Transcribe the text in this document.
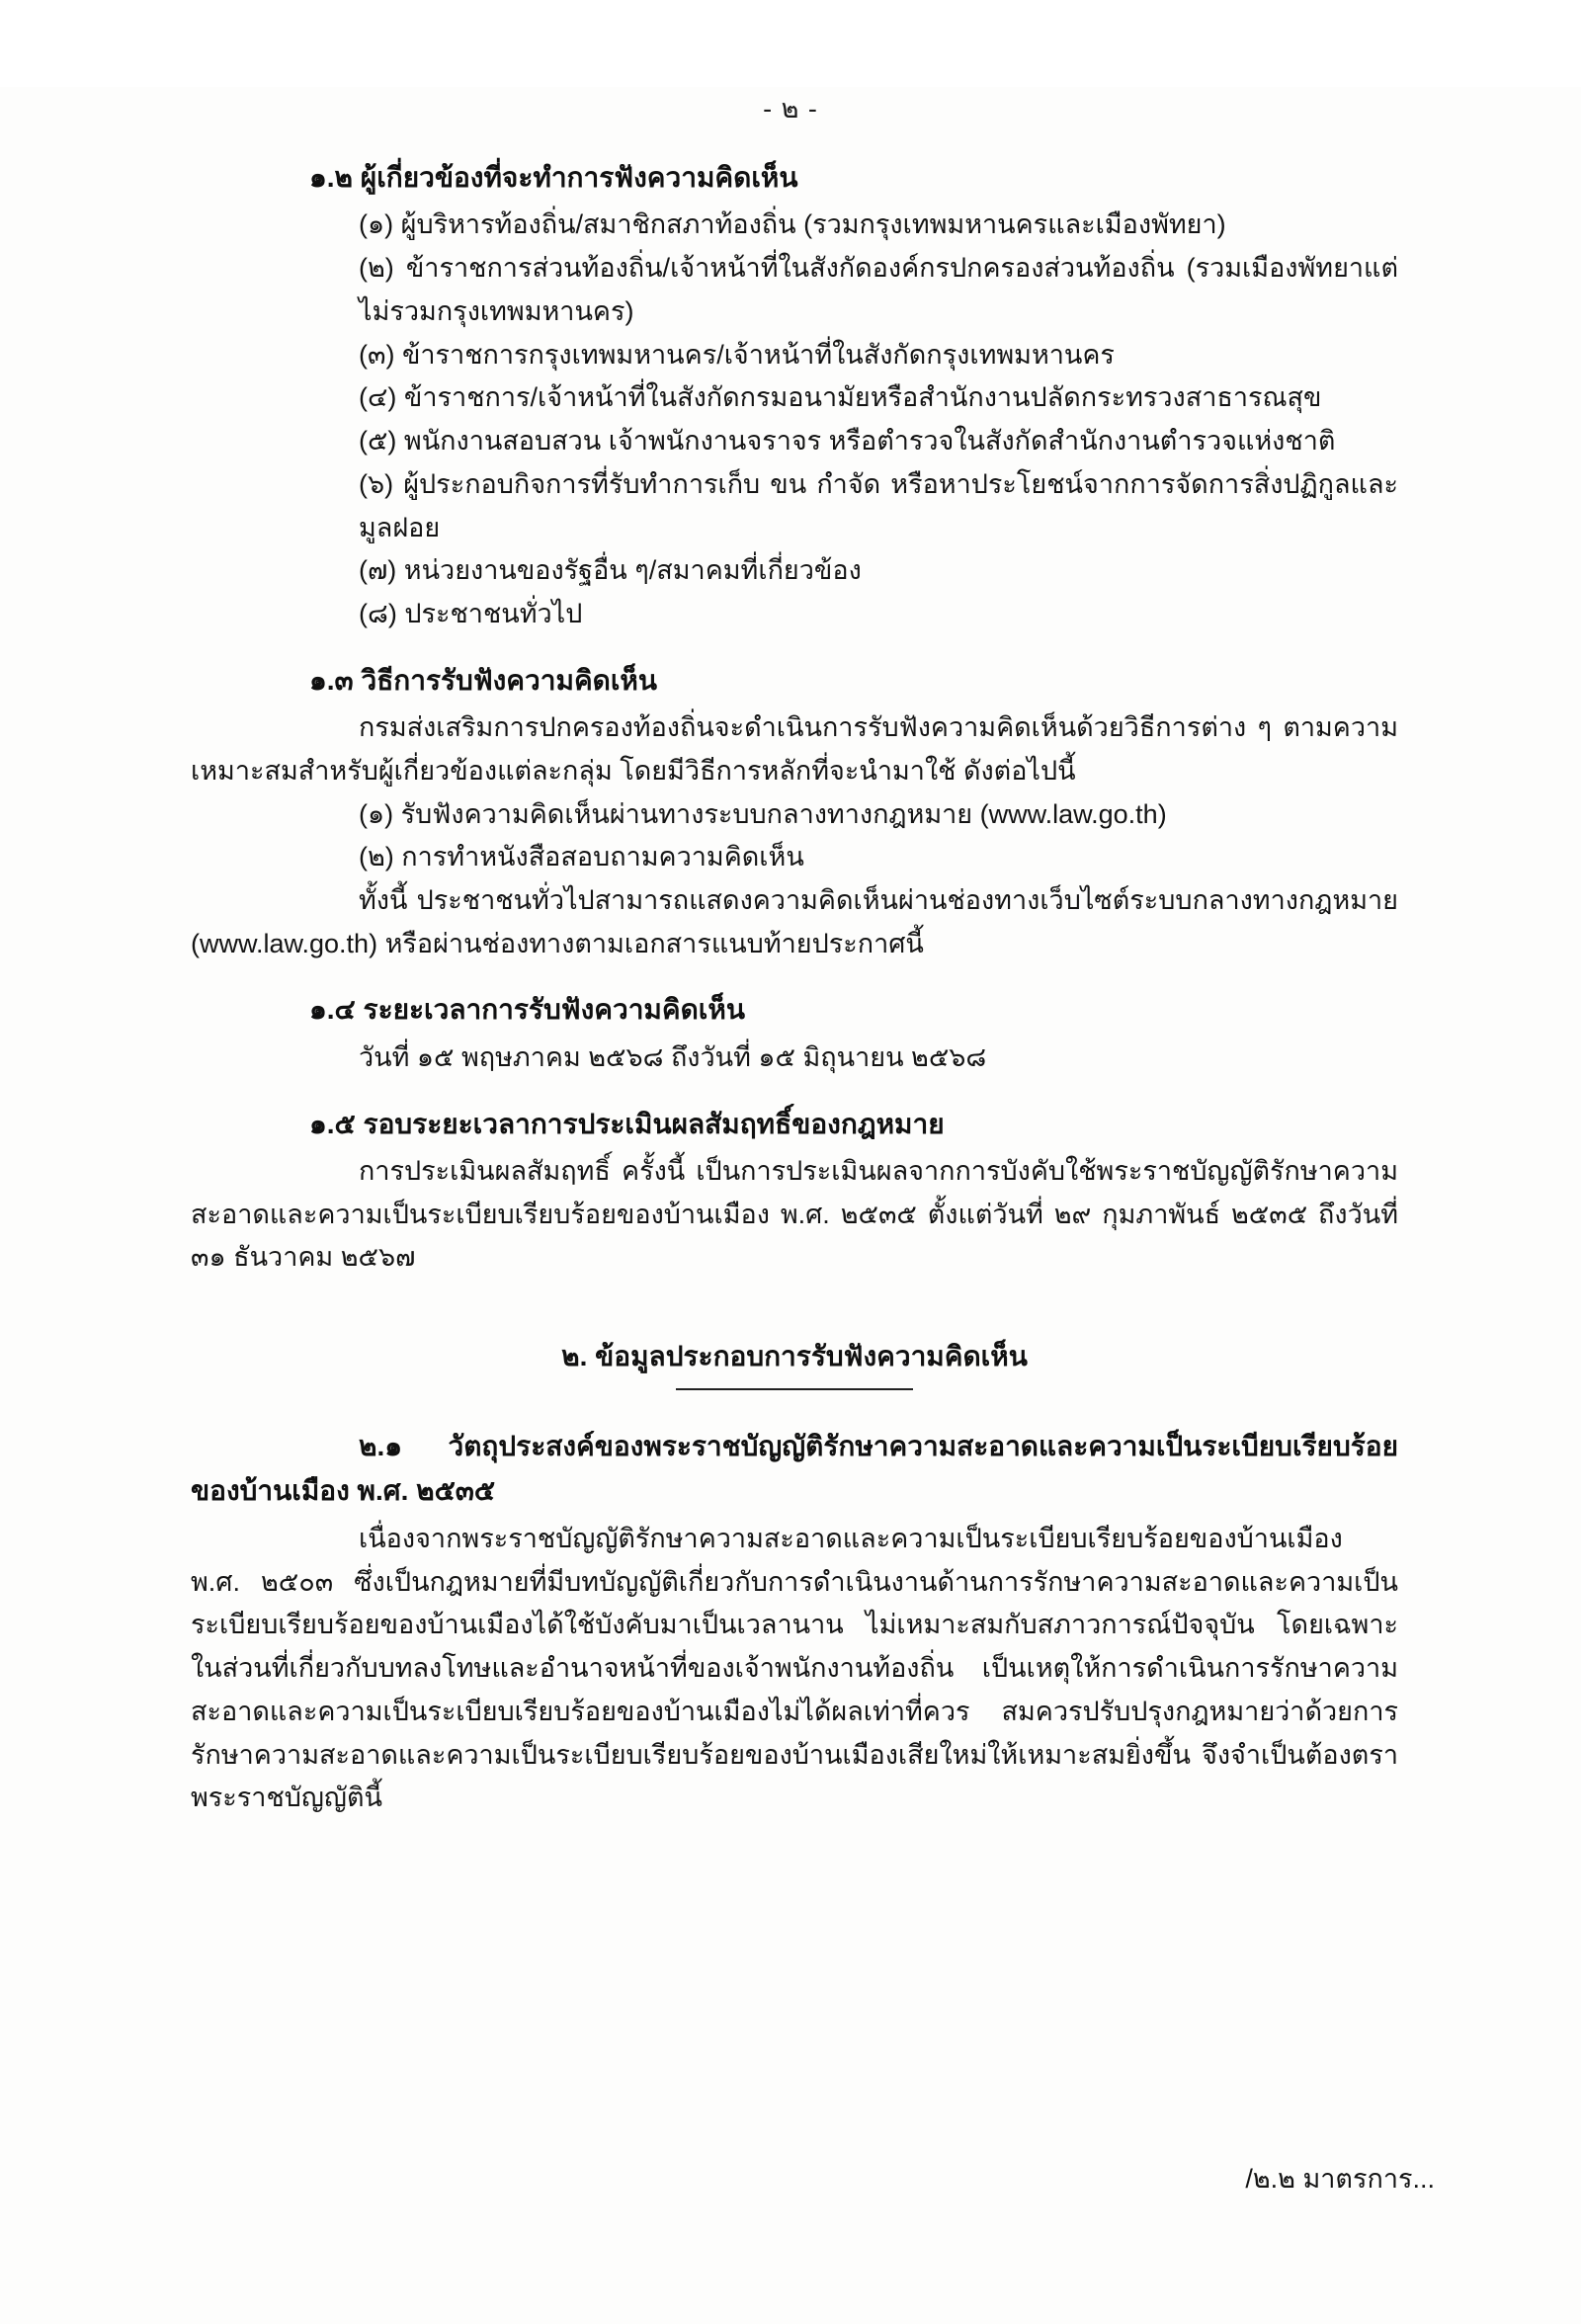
- ๒ -
๑.๒ ผู้เกี่ยวข้องที่จะทำการฟังความคิดเห็น

(๑) ผู้บริหารท้องถิ่น/สมาชิกสภาท้องถิ่น (รวมกรุงเทพมหานครและเมืองพัทยา)

(๒) ข้าราชการส่วนท้องถิ่น/เจ้าหน้าที่ในสังกัดองค์กรปกครองส่วนท้องถิ่น (รวมเมืองพัทยาแต่ไม่รวมกรุงเทพมหานคร)

(๓) ข้าราชการกรุงเทพมหานคร/เจ้าหน้าที่ในสังกัดกรุงเทพมหานคร

(๔) ข้าราชการ/เจ้าหน้าที่ในสังกัดกรมอนามัยหรือสำนักงานปลัดกระทรวงสาธารณสุข

(๕) พนักงานสอบสวน เจ้าพนักงานจราจร หรือตำรวจในสังกัดสำนักงานตำรวจแห่งชาติ

(๖) ผู้ประกอบกิจการที่รับทำการเก็บ ขน กำจัด หรือหาประโยชน์จากการจัดการสิ่งปฏิกูลและมูลฝอย

(๗) หน่วยงานของรัฐอื่น ๆ/สมาคมที่เกี่ยวข้อง

(๘) ประชาชนทั่วไป

๑.๓ วิธีการรับฟังความคิดเห็น

กรมส่งเสริมการปกครองท้องถิ่นจะดำเนินการรับฟังความคิดเห็นด้วยวิธีการต่าง ๆ ตามความเหมาะสมสำหรับผู้เกี่ยวข้องแต่ละกลุ่ม โดยมีวิธีการหลักที่จะนำมาใช้ ดังต่อไปนี้

(๑) รับฟังความคิดเห็นผ่านทางระบบกลางทางกฎหมาย (www.law.go.th)

(๒) การทำหนังสือสอบถามความคิดเห็น

ทั้งนี้ ประชาชนทั่วไปสามารถแสดงความคิดเห็นผ่านช่องทางเว็บไซต์ระบบกลางทางกฎหมาย (www.law.go.th) หรือผ่านช่องทางตามเอกสารแนบท้ายประกาศนี้

๑.๔ ระยะเวลาการรับฟังความคิดเห็น

วันที่ ๑๕ พฤษภาคม ๒๕๖๘ ถึงวันที่ ๑๕ มิถุนายน ๒๕๖๘

๑.๕ รอบระยะเวลาการประเมินผลสัมฤทธิ์ของกฎหมาย

การประเมินผลสัมฤทธิ์ ครั้งนี้ เป็นการประเมินผลจากการบังคับใช้พระราชบัญญัติรักษาความสะอาดและความเป็นระเบียบเรียบร้อยของบ้านเมือง พ.ศ. ๒๕๓๕ ตั้งแต่วันที่ ๒๙ กุมภาพันธ์ ๒๕๓๕ ถึงวันที่ ๓๑ ธันวาคม ๒๕๖๗

๒. ข้อมูลประกอบการรับฟังความคิดเห็น
๒.๑ วัตถุประสงค์ของพระราชบัญญัติรักษาความสะอาดและความเป็นระเบียบเรียบร้อยของบ้านเมือง พ.ศ. ๒๕๓๕

เนื่องจากพระราชบัญญัติรักษาความสะอาดและความเป็นระเบียบเรียบร้อยของบ้านเมือง พ.ศ. ๒๕๐๓ ซึ่งเป็นกฎหมายที่มีบทบัญญัติเกี่ยวกับการดำเนินงานด้านการรักษาความสะอาดและความเป็นระเบียบเรียบร้อยของบ้านเมืองได้ใช้บังคับมาเป็นเวลานาน ไม่เหมาะสมกับสภาวการณ์ปัจจุบัน โดยเฉพาะในส่วนที่เกี่ยวกับบทลงโทษและอำนาจหน้าที่ของเจ้าพนักงานท้องถิ่น เป็นเหตุให้การดำเนินการรักษาความสะอาดและความเป็นระเบียบเรียบร้อยของบ้านเมืองไม่ได้ผลเท่าที่ควร สมควรปรับปรุงกฎหมายว่าด้วยการรักษาความสะอาดและความเป็นระเบียบเรียบร้อยของบ้านเมืองเสียใหม่ให้เหมาะสมยิ่งขึ้น จึงจำเป็นต้องตราพระราชบัญญัตินี้

/๒.๒ มาตรการ...
